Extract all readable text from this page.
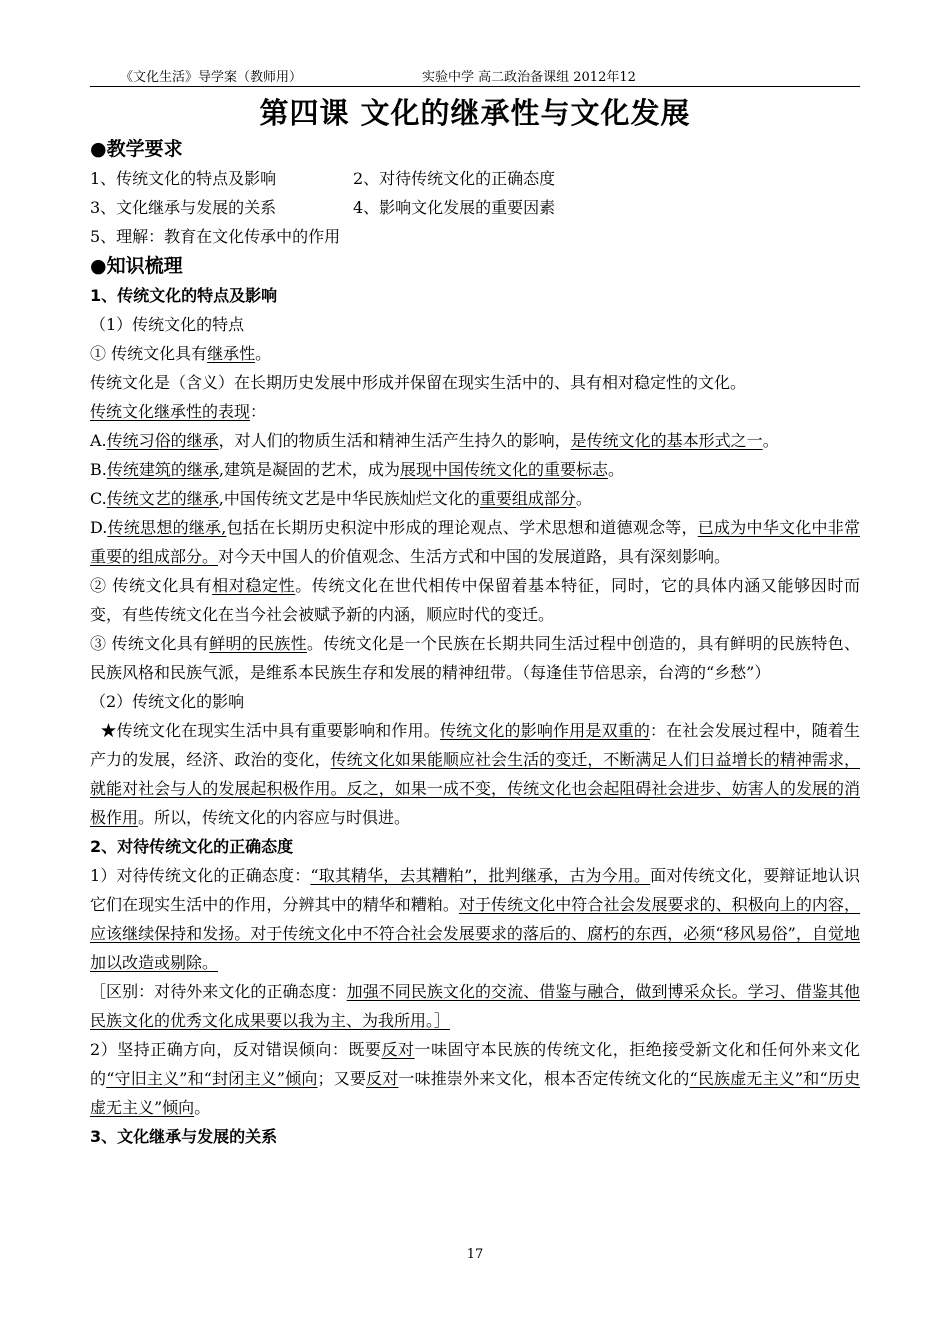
《文化生活》导学案（教师用）	实验中学 高二政治备课组 2012年12
第四课 文化的继承性与文化发展
●教学要求
1、传统文化的特点及影响	2、对待传统文化的正确态度
3、文化继承与发展的关系	4、影响文化发展的重要因素
5、理解：教育在文化传承中的作用
●知识梳理
1、传统文化的特点及影响
（1）传统文化的特点
① 传统文化具有继承性。
传统文化是（含义）在长期历史发展中形成并保留在现实生活中的、具有相对稳定性的文化。
传统文化继承性的表现：
A.传统习俗的继承，对人们的物质生活和精神生活产生持久的影响，是传统文化的基本形式之一。
B.传统建筑的继承,建筑是凝固的艺术，成为展现中国传统文化的重要标志。
C.传统文艺的继承,中国传统文艺是中华民族灿烂文化的重要组成部分。
D.传统思想的继承,包括在长期历史积淀中形成的理论观点、学术思想和道德观念等，已成为中华文化中非常重要的组成部分。对今天中国人的价值观念、生活方式和中国的发展道路，具有深刻影响。
② 传统文化具有相对稳定性。传统文化在世代相传中保留着基本特征，同时，它的具体内涵又能够因时而变，有些传统文化在当今社会被赋予新的内涵，顺应时代的变迁。
③ 传统文化具有鲜明的民族性。传统文化是一个民族在长期共同生活过程中创造的，具有鲜明的民族特色、民族风格和民族气派，是维系本民族生存和发展的精神纽带。（每逢佳节倍思亲，台湾的“乡愁”）
（2）传统文化的影响
★传统文化在现实生活中具有重要影响和作用。传统文化的影响作用是双重的：在社会发展过程中，随着生产力的发展，经济、政治的变化，传统文化如果能顺应社会生活的变迁，不断满足人们日益增长的精神需求，就能对社会与人的发展起积极作用。反之，如果一成不变，传统文化也会起阻碍社会进步、妨害人的发展的消极作用。所以，传统文化的内容应与时俱进。
2、对待传统文化的正确态度
1）对待传统文化的正确态度：“取其精华，去其糟粕”，批判继承，古为今用。面对传统文化，要辩证地认识它们在现实生活中的作用，分辨其中的精华和糟粕。对于传统文化中符合社会发展要求的、积极向上的内容，应该继续保持和发扬。对于传统文化中不符合社会发展要求的落后的、腐朽的东西，必须“移风易俗”，自觉地加以改造或剔除。
［区别：对待外来文化的正确态度：加强不同民族文化的交流、借鉴与融合，做到博采众长。学习、借鉴其他民族文化的优秀文化成果要以我为主、为我所用。］
2）坚持正确方向，反对错误倾向：既要反对一味固守本民族的传统文化，拒绝接受新文化和任何外来文化的“守旧主义”和“封闭主义”倾向；又要反对一味推崇外来文化，根本否定传统文化的“民族虚无主义”和“历史虚无主义”倾向。
3、文化继承与发展的关系
17
